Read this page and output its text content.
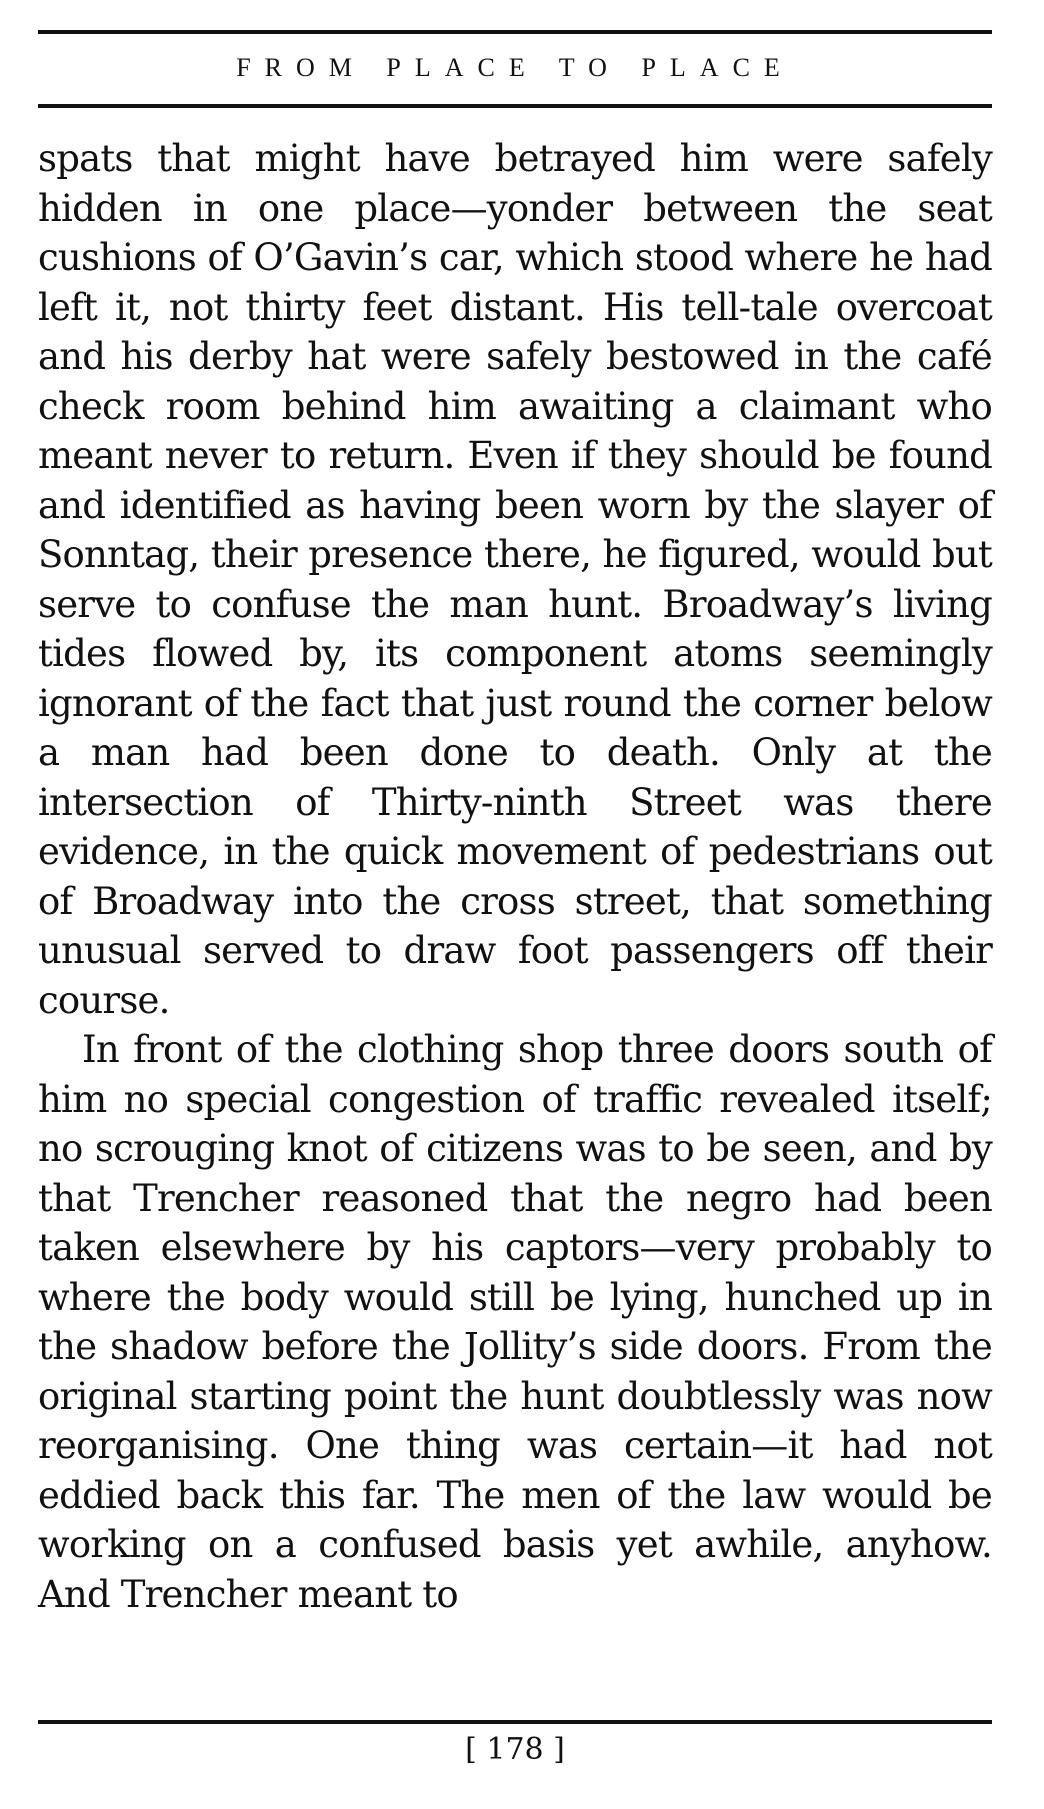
FROM PLACE TO PLACE

spats that might have betrayed him were safely hidden in one place—yonder between the seat cushions of O’Gavin’s car, which stood where he had left it, not thirty feet distant. His tell-tale overcoat and his derby hat were safely bestowed in the café check room behind him awaiting a claimant who meant never to return. Even if they should be found and identified as having been worn by the slayer of Sonntag, their presence there, he figured, would but serve to confuse the man hunt. Broadway’s living tides flowed by, its component atoms seemingly ignorant of the fact that just round the corner below a man had been done to death. Only at the intersection of Thirty-ninth Street was there evidence, in the quick movement of pedestrians out of Broadway into the cross street, that something unusual served to draw foot passengers off their course.

In front of the clothing shop three doors south of him no special congestion of traffic revealed itself; no scrouging knot of citizens was to be seen, and by that Trencher reasoned that the negro had been taken elsewhere by his captors—very probably to where the body would still be lying, hunched up in the shadow before the Jollity’s side doors. From the original starting point the hunt doubtlessly was now reorganising. One thing was certain—it had not eddied back this far. The men of the law would be working on a confused basis yet awhile, anyhow. And Trencher meant to

[ 178 ]
